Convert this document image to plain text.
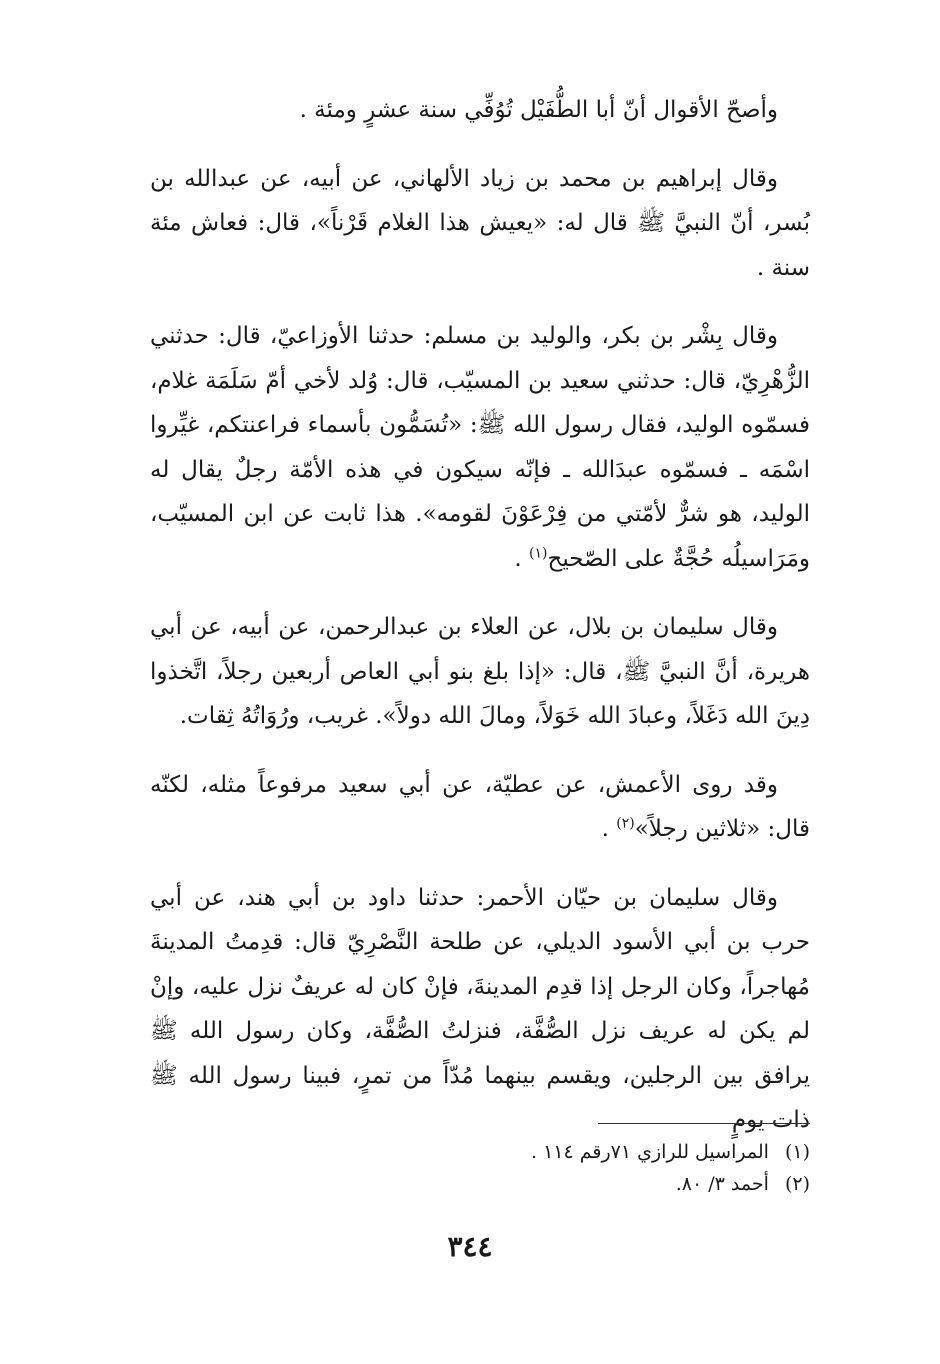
وأصحّ الأقوال أنّ أبا الطُّفَيْل تُوُفِّي سنة عشرٍ ومئة .

وقال إبراهيم بن محمد بن زياد الألهاني، عن أبيه، عن عبدالله بن بُسر، أنّ النبيَّ ﷺ قال له: «يعيش هذا الغلام قَرْناً»، قال: فعاش مئة سنة .

وقال بِشْر بن بكر، والوليد بن مسلم: حدثنا الأوزاعيّ، قال: حدثني الزُّهْرِيّ، قال: حدثني سعيد بن المسيّب، قال: وُلد لأخي أمّ سَلَمَة غلام، فسمّوه الوليد، فقال رسول الله ﷺ: «تُسَمُّون بأسماء فراعنتكم، غيِّروا اسْمَه ـ فسمّوه عبدَالله ـ فإنّه سيكون في هذه الأمّة رجلٌ يقال له الوليد، هو شرٌّ لأمّتي من فِرْعَوْنَ لقومه». هذا ثابت عن ابن المسيّب، ومَرَاسيلُه حُجَّةٌ على الصّحيح$^{(١)}$ .

وقال سليمان بن بلال، عن العلاء بن عبدالرحمن، عن أبيه، عن أبي هريرة، أنَّ النبيَّ ﷺ، قال: «إذا بلغ بنو أبي العاص أربعين رجلاً، اتَّخذوا دِينَ الله دَغَلاً، وعبادَ الله خَوَلاً، ومالَ الله دولاً». غريب، ورُوَاتُهُ ثِقات.

وقد روى الأعمش، عن عطيّة، عن أبي سعيد مرفوعاً مثله، لكنّه قال: «ثلاثين رجلاً»$^{(٢)}$ .

وقال سليمان بن حيّان الأحمر: حدثنا داود بن أبي هند، عن أبي حرب بن أبي الأسود الديلي، عن طلحة النَّصْرِيّ قال: قدِمتُ المدينةَ مُهاجراً، وكان الرجل إذا قدِم المدينةَ، فإنْ كان له عريفٌ نزل عليه، وإنْ لم يكن له عريف نزل الصُّفَّة، فنزلتُ الصُّفَّة، وكان رسول الله ﷺ يرافق بين الرجلين، ويقسم بينهما مُدّاً من تمرٍ، فبينا رسول الله ﷺ ذات يومٍ

(١) المراسيل للرازي ٧١رقم ١١٤ .
(٢) أحمد ٣/ ٨٠.
٣٤٤
